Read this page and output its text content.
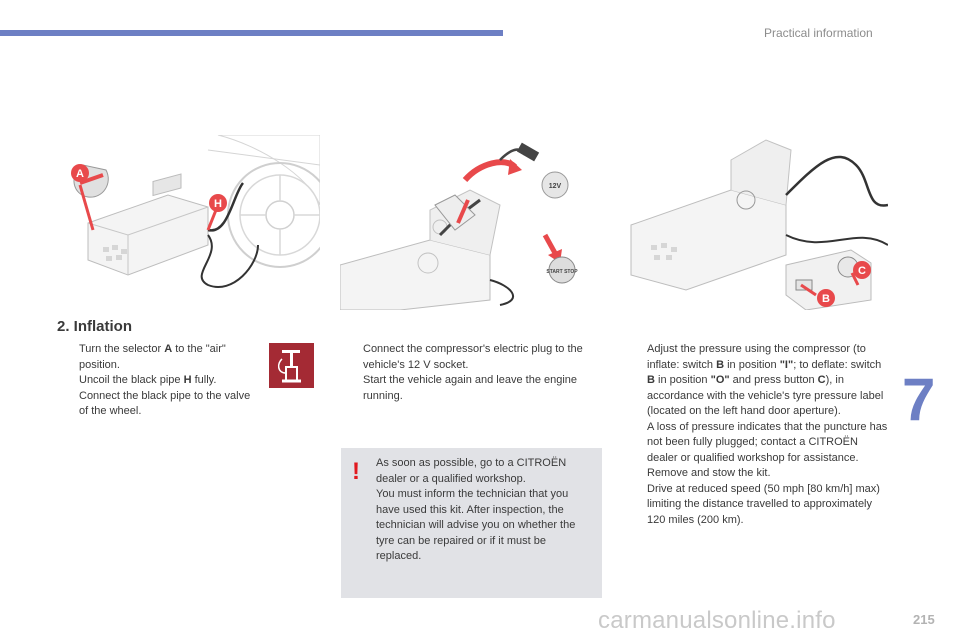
Practical information
A
H
12V
START STOP	C
B
2. Inflation
Turn the selector A to the "air" position.
Uncoil the black pipe H fully.
Connect the black pipe to the valve of the wheel.
Connect the compressor's electric plug to the vehicle's 12 V socket.
Start the vehicle again and leave the engine running.
! As soon as possible, go to a CITROËN dealer or a qualified workshop.

You must inform the technician that you have used this kit. After inspection, the technician will advise you on whether the tyre can be repaired or if it must be replaced.

Adjust the pressure using the compressor (to inflate: switch B in position "I"; to deflate: switch B in position "O" and press button C), in accordance with the vehicle's tyre pressure label (located on the left hand door aperture).
A loss of pressure indicates that the puncture has not been fully plugged; contact a CITROËN dealer or qualified workshop for assistance.
Remove and stow the kit.
Drive at reduced speed (50 mph [80 km/h] max) limiting the distance travelled to approximately 120 miles (200 km).
7
215
carmanualsonline.info
